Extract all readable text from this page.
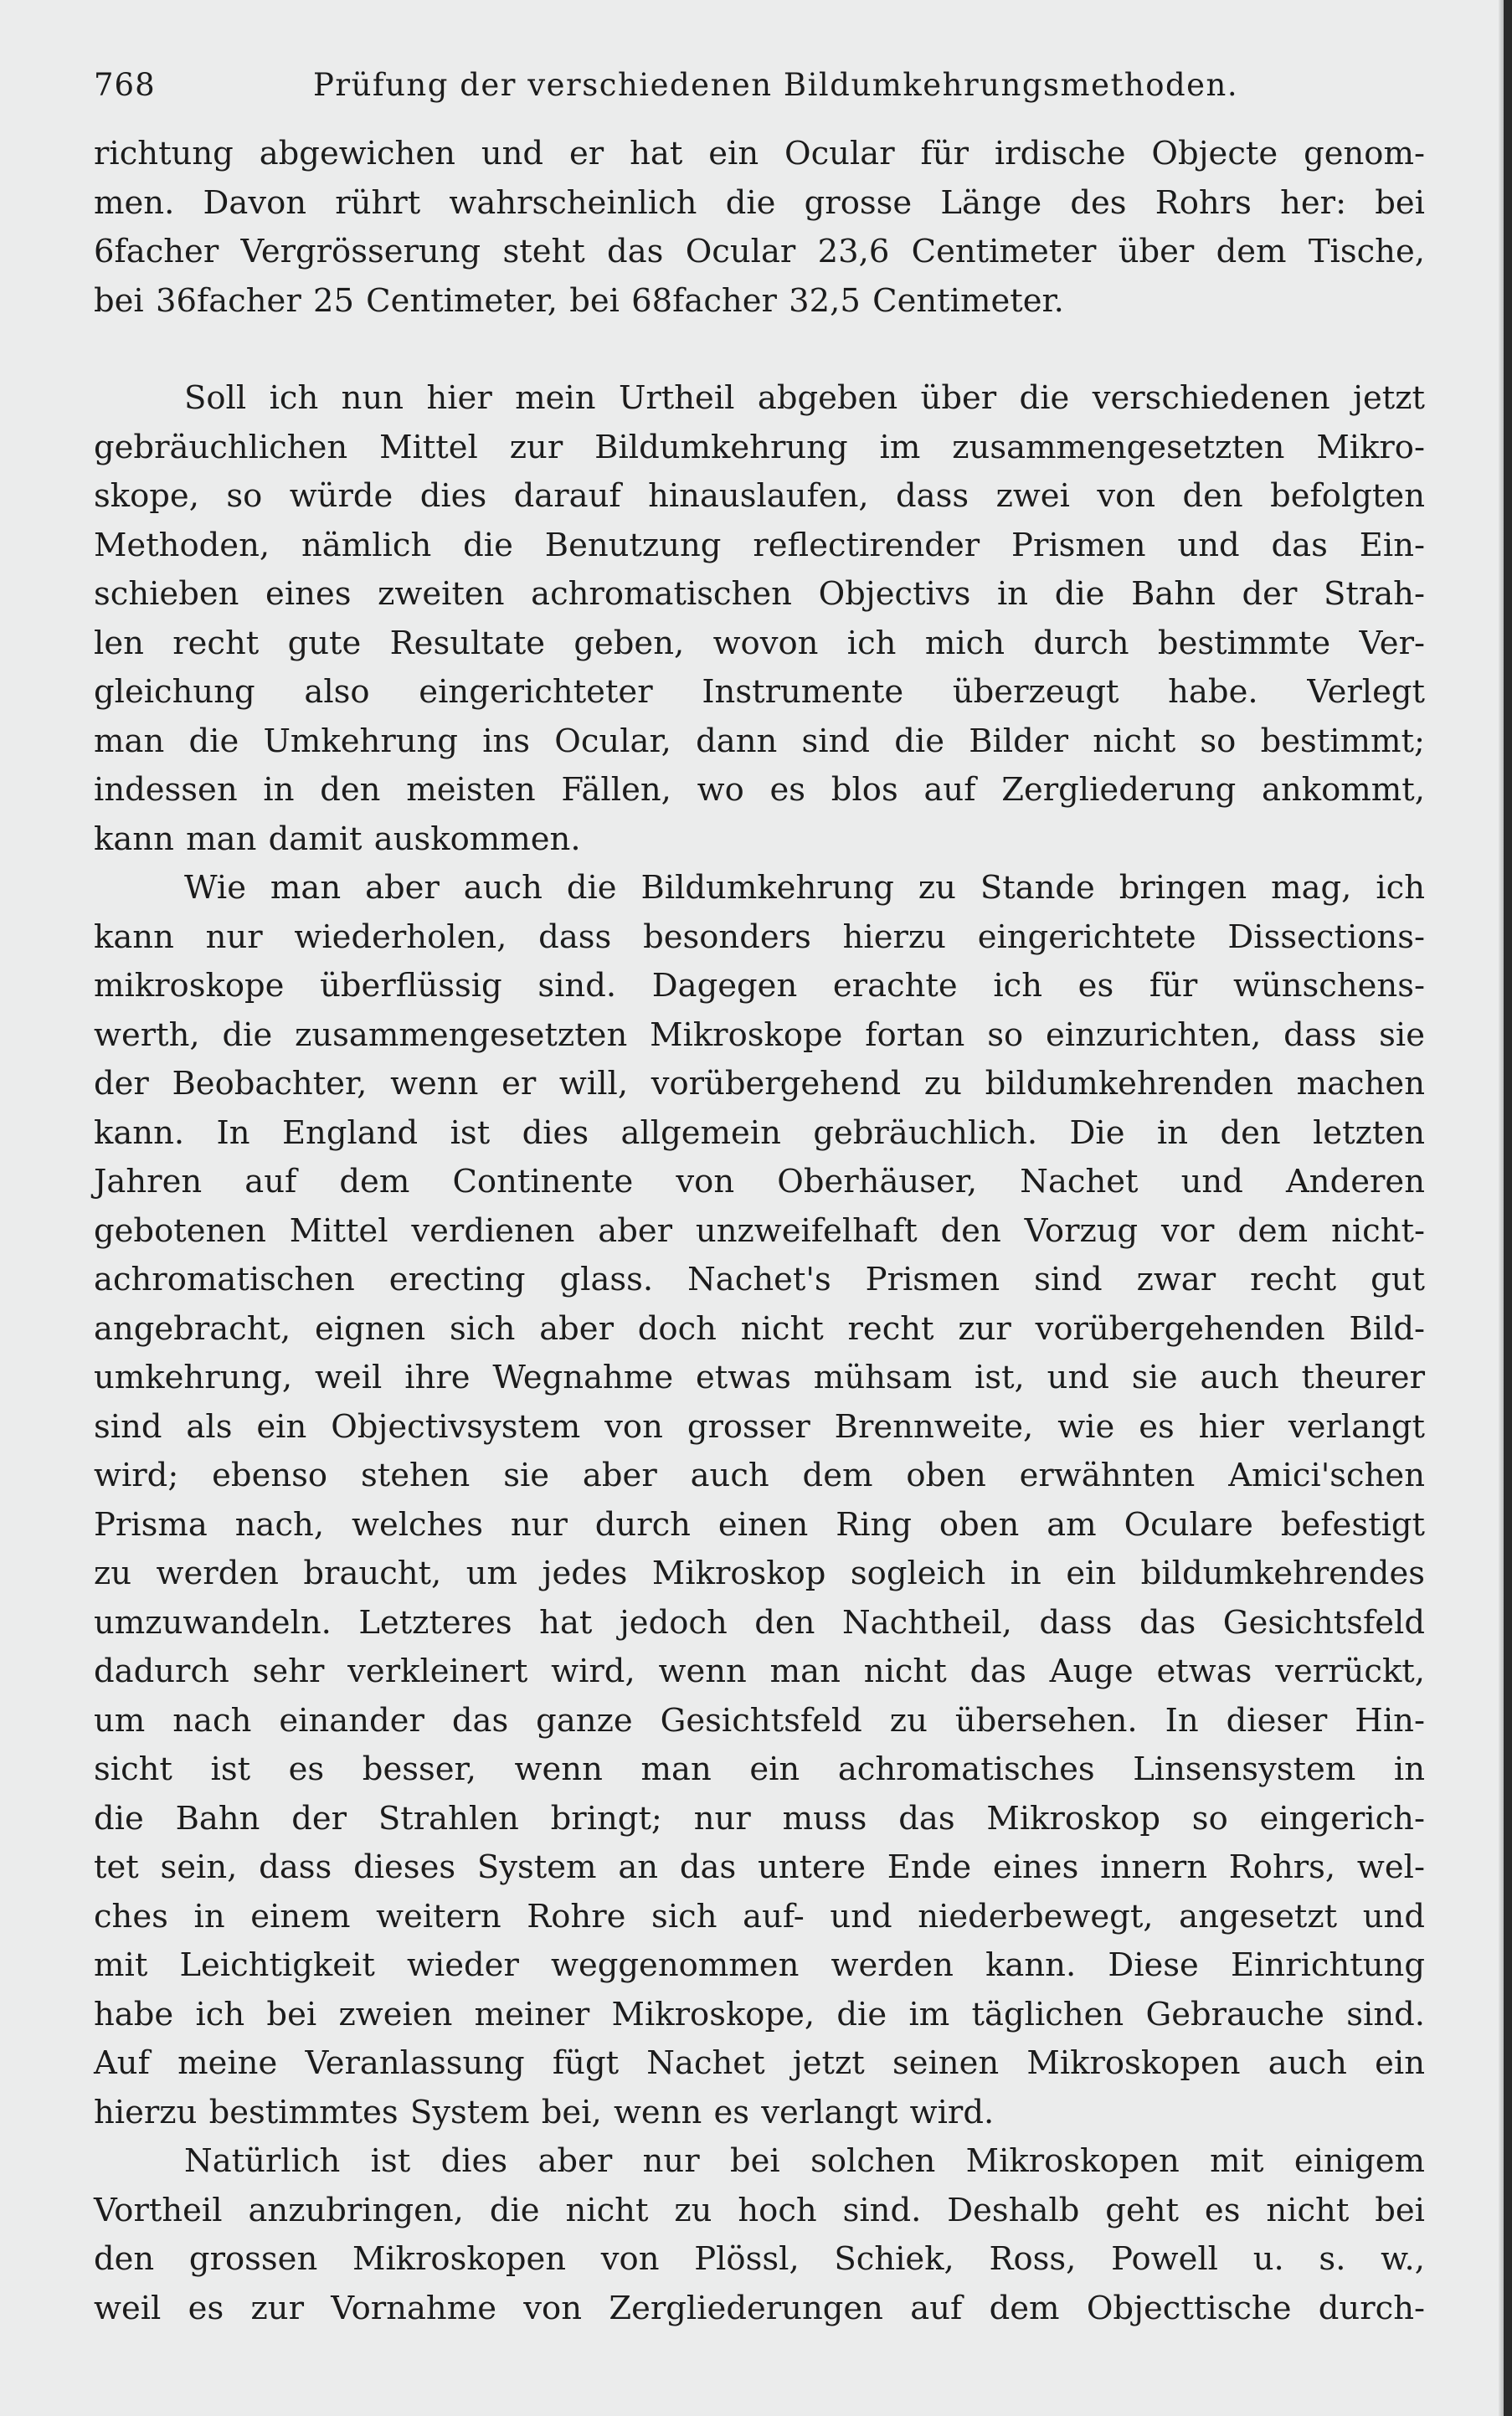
768	Prüfung der verschiedenen Bildumkehrungsmethoden.
richtung abgewichen und er hat ein Ocular für irdische Objecte genom-
men. Davon rührt wahrscheinlich die grosse Länge des Rohrs her: bei
6facher Vergrösserung steht das Ocular 23,6 Centimeter über dem Tische,
bei 36facher 25 Centimeter, bei 68facher 32,5 Centimeter.
Soll ich nun hier mein Urtheil abgeben über die verschiedenen jetzt
gebräuchlichen Mittel zur Bildumkehrung im zusammengesetzten Mikro-
skope, so würde dies darauf hinauslaufen, dass zwei von den befolgten
Methoden, nämlich die Benutzung reflectirender Prismen und das Ein-
schieben eines zweiten achromatischen Objectivs in die Bahn der Strah-
len recht gute Resultate geben, wovon ich mich durch bestimmte Ver-
gleichung also eingerichteter Instrumente überzeugt habe. Verlegt
man die Umkehrung ins Ocular, dann sind die Bilder nicht so bestimmt;
indessen in den meisten Fällen, wo es blos auf Zergliederung ankommt,
kann man damit auskommen.
Wie man aber auch die Bildumkehrung zu Stande bringen mag, ich
kann nur wiederholen, dass besonders hierzu eingerichtete Dissections-
mikroskope überflüssig sind. Dagegen erachte ich es für wünschens-
werth, die zusammengesetzten Mikroskope fortan so einzurichten, dass sie
der Beobachter, wenn er will, vorübergehend zu bildumkehrenden machen
kann. In England ist dies allgemein gebräuchlich. Die in den letzten
Jahren auf dem Continente von Oberhäuser, Nachet und Anderen
gebotenen Mittel verdienen aber unzweifelhaft den Vorzug vor dem nicht-
achromatischen erecting glass. Nachet's Prismen sind zwar recht gut
angebracht, eignen sich aber doch nicht recht zur vorübergehenden Bild-
umkehrung, weil ihre Wegnahme etwas mühsam ist, und sie auch theurer
sind als ein Objectivsystem von grosser Brennweite, wie es hier verlangt
wird; ebenso stehen sie aber auch dem oben erwähnten Amici'schen
Prisma nach, welches nur durch einen Ring oben am Oculare befestigt
zu werden braucht, um jedes Mikroskop sogleich in ein bildumkehrendes
umzuwandeln. Letzteres hat jedoch den Nachtheil, dass das Gesichtsfeld
dadurch sehr verkleinert wird, wenn man nicht das Auge etwas verrückt,
um nach einander das ganze Gesichtsfeld zu übersehen. In dieser Hin-
sicht ist es besser, wenn man ein achromatisches Linsensystem in
die Bahn der Strahlen bringt; nur muss das Mikroskop so eingerich-
tet sein, dass dieses System an das untere Ende eines innern Rohrs, wel-
ches in einem weitern Rohre sich auf- und niederbewegt, angesetzt und
mit Leichtigkeit wieder weggenommen werden kann. Diese Einrichtung
habe ich bei zweien meiner Mikroskope, die im täglichen Gebrauche sind.
Auf meine Veranlassung fügt Nachet jetzt seinen Mikroskopen auch ein
hierzu bestimmtes System bei, wenn es verlangt wird.
Natürlich ist dies aber nur bei solchen Mikroskopen mit einigem
Vortheil anzubringen, die nicht zu hoch sind. Deshalb geht es nicht bei
den grossen Mikroskopen von Plössl, Schiek, Ross, Powell u. s. w.,
weil es zur Vornahme von Zergliederungen auf dem Objecttische durch-
